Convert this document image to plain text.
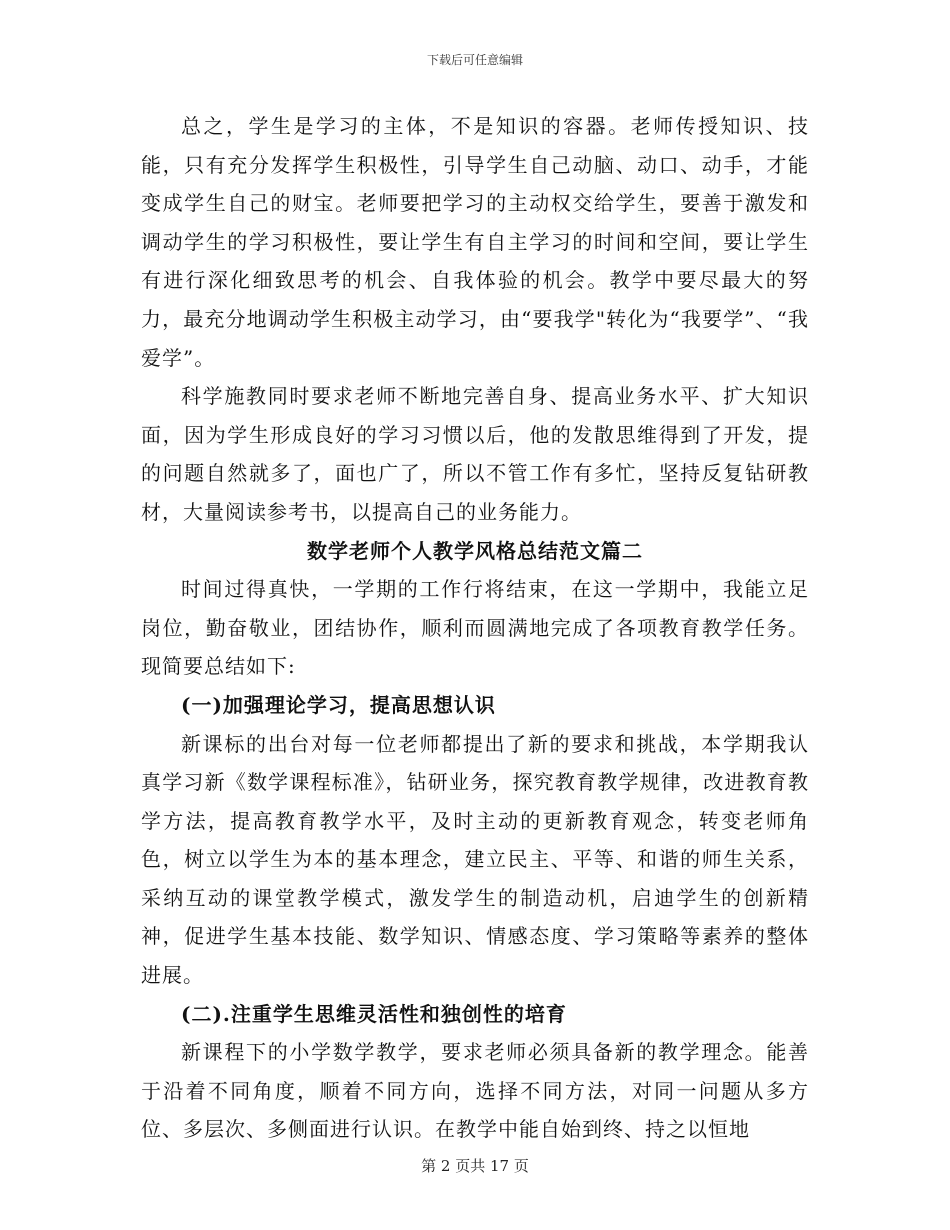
下载后可任意编辑

总之，学生是学习的主体，不是知识的容器。老师传授知识、技能，只有充分发挥学生积极性，引导学生自己动脑、动口、动手，才能变成学生自己的财宝。老师要把学习的主动权交给学生，要善于激发和调动学生的学习积极性，要让学生有自主学习的时间和空间，要让学生有进行深化细致思考的机会、自我体验的机会。教学中要尽最大的努力，最充分地调动学生积极主动学习，由“要我学"转化为“我要学”、“我爱学”。

科学施教同时要求老师不断地完善自身、提高业务水平、扩大知识面，因为学生形成良好的学习习惯以后，他的发散思维得到了开发，提的问题自然就多了，面也广了，所以不管工作有多忙，坚持反复钻研教材，大量阅读参考书，以提高自己的业务能力。

数学老师个人教学风格总结范文篇二

时间过得真快，一学期的工作行将结束，在这一学期中，我能立足岗位，勤奋敬业，团结协作，顺利而圆满地完成了各项教育教学任务。现简要总结如下:

(一)加强理论学习，提高思想认识

新课标的出台对每一位老师都提出了新的要求和挑战，本学期我认真学习新《数学课程标准》，钻研业务，探究教育教学规律，改进教育教学方法，提高教育教学水平，及时主动的更新教育观念，转变老师角色，树立以学生为本的基本理念，建立民主、平等、和谐的师生关系，采纳互动的课堂教学模式，激发学生的制造动机，启迪学生的创新精神，促进学生基本技能、数学知识、情感态度、学习策略等素养的整体进展。

(二).注重学生思维灵活性和独创性的培育

新课程下的小学数学教学，要求老师必须具备新的教学理念。能善于沿着不同角度，顺着不同方向，选择不同方法，对同一问题从多方位、多层次、多侧面进行认识。在教学中能自始到终、持之以恒地

第 2 页共 17 页
